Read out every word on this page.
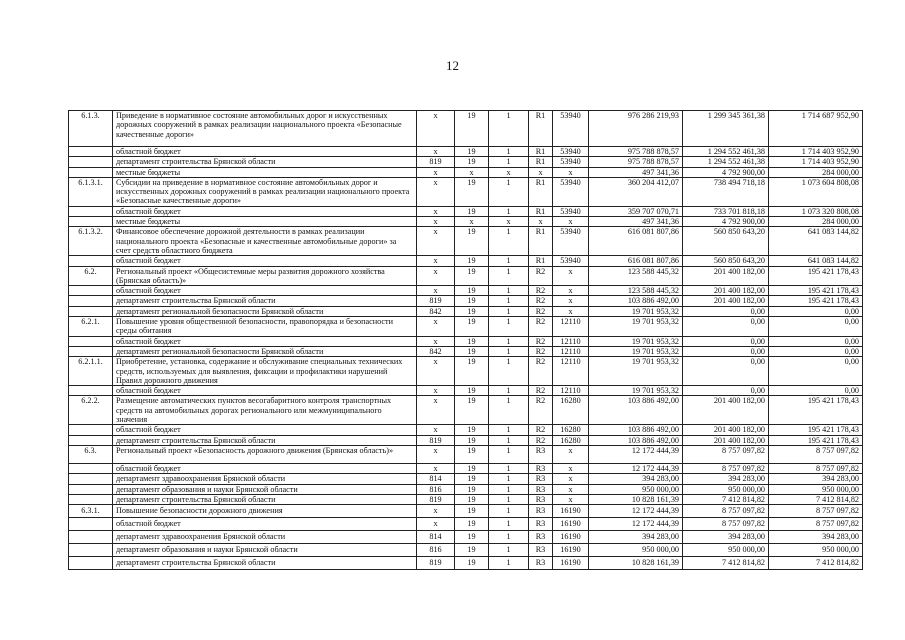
12
6.1.3.	Приведение в нормативное состояние автомобильных дорог и искусственных дорожных сооружений в рамках реализации национального проекта «Безопасные качественные дороги»	x	19	1	R1	53940	976 286 219,93	1 299 345 361,38	1 714 687 952,90
	областной бюджет	x	19	1	R1	53940	975 788 878,57	1 294 552 461,38	1 714 403 952,90
	департамент строительства Брянской области	819	19	1	R1	53940	975 788 878,57	1 294 552 461,38	1 714 403 952,90
	местные бюджеты	x	x	x	x	x	497 341,36	4 792 900,00	284 000,00
6.1.3.1.	Субсидии на приведение в нормативное состояние автомобильных дорог и искусственных дорожных сооружений в рамках реализации национального проекта «Безопасные качественные дороги»	x	19	1	R1	53940	360 204 412,07	738 494 718,18	1 073 604 808,08
	областной бюджет	x	19	1	R1	53940	359 707 070,71	733 701 818,18	1 073 320 808,08
	местные бюджеты	x	x	x	x	x	497 341,36	4 792 900,00	284 000,00
6.1.3.2.	Финансовое обеспечение дорожной деятельности в рамках реализации национального проекта «Безопасные и качественные автомобильные дороги» за счет средств областного бюджета	x	19	1	R1	53940	616 081 807,86	560 850 643,20	641 083 144,82
	областной бюджет	x	19	1	R1	53940	616 081 807,86	560 850 643,20	641 083 144,82
6.2.	Региональный проект «Общесистемные меры развития дорожного хозяйства (Брянская область)»	x	19	1	R2	x	123 588 445,32	201 400 182,00	195 421 178,43
	областной бюджет	x	19	1	R2	x	123 588 445,32	201 400 182,00	195 421 178,43
	департамент строительства Брянской области	819	19	1	R2	x	103 886 492,00	201 400 182,00	195 421 178,43
	департамент региональной безопасности Брянской области	842	19	1	R2	x	19 701 953,32	0,00	0,00
6.2.1.	Повышение уровня общественной безопасности, правопорядка и безопасности среды обитания	x	19	1	R2	12110	19 701 953,32	0,00	0,00
	областной бюджет	x	19	1	R2	12110	19 701 953,32	0,00	0,00
	департамент региональной безопасности Брянской области	842	19	1	R2	12110	19 701 953,32	0,00	0,00
6.2.1.1.	Приобретение, установка, содержание и обслуживание специальных технических средств, используемых для выявления, фиксации и профилактики нарушений Правил дорожного движения	x	19	1	R2	12110	19 701 953,32	0,00	0,00
	областной бюджет	x	19	1	R2	12110	19 701 953,32	0,00	0,00
6.2.2.	Размещение автоматических пунктов весогабаритного контроля транспортных средств на автомобильных дорогах регионального или межмуниципального значения	x	19	1	R2	16280	103 886 492,00	201 400 182,00	195 421 178,43
	областной бюджет	x	19	1	R2	16280	103 886 492,00	201 400 182,00	195 421 178,43
	департамент строительства Брянской области	819	19	1	R2	16280	103 886 492,00	201 400 182,00	195 421 178,43
6.3.	Региональный проект «Безопасность дорожного движения (Брянская область)»	x	19	1	R3	x	12 172 444,39	8 757 097,82	8 757 097,82
	областной бюджет	x	19	1	R3	x	12 172 444,39	8 757 097,82	8 757 097,82
	департамент здравоохранения Брянской области	814	19	1	R3	x	394 283,00	394 283,00	394 283,00
	департамент образования и науки Брянской области	816	19	1	R3	x	950 000,00	950 000,00	950 000,00
	департамент строительства Брянской области	819	19	1	R3	x	10 828 161,39	7 412 814,82	7 412 814,82
6.3.1.	Повышение безопасности дорожного движения	x	19	1	R3	16190	12 172 444,39	8 757 097,82	8 757 097,82
	областной бюджет	x	19	1	R3	16190	12 172 444,39	8 757 097,82	8 757 097,82
	департамент здравоохранения Брянской области	814	19	1	R3	16190	394 283,00	394 283,00	394 283,00
	департамент образования и науки Брянской области	816	19	1	R3	16190	950 000,00	950 000,00	950 000,00
	департамент строительства Брянской области	819	19	1	R3	16190	10 828 161,39	7 412 814,82	7 412 814,82
